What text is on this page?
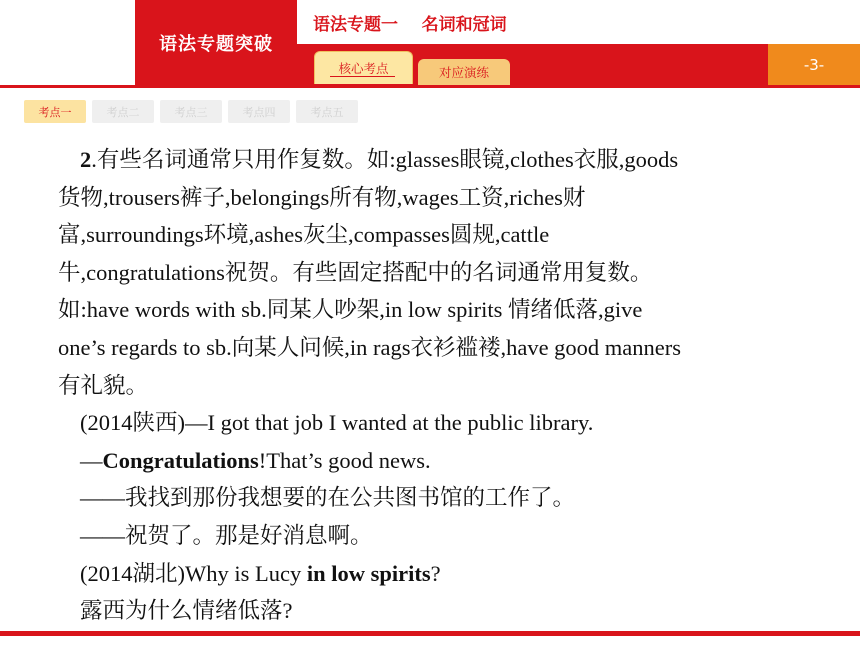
语法专题突破
语法专题一    名词和冠词
-3-
核心考点	对应演练
考点一	考点二	考点三	考点四	考点五
2.有些名词通常只用作复数。如:glasses眼镜,clothes衣服,goods
货物,trousers裤子,belongings所有物,wages工资,riches财
富,surroundings环境,ashes灰尘,compasses圆规,cattle
牛,congratulations祝贺。有些固定搭配中的名词通常用复数。
如:have words with sb.同某人吵架,in low spirits 情绪低落,give
one’s regards to sb.向某人问候,in rags衣衫褴褛,have good manners
有礼貌。
(2014陕西)—I got that job I wanted at the public library.
—Congratulations!That’s good news.
——我找到那份我想要的在公共图书馆的工作了。
——祝贺了。那是好消息啊。
(2014湖北)Why is Lucy in low spirits?
露西为什么情绪低落?
